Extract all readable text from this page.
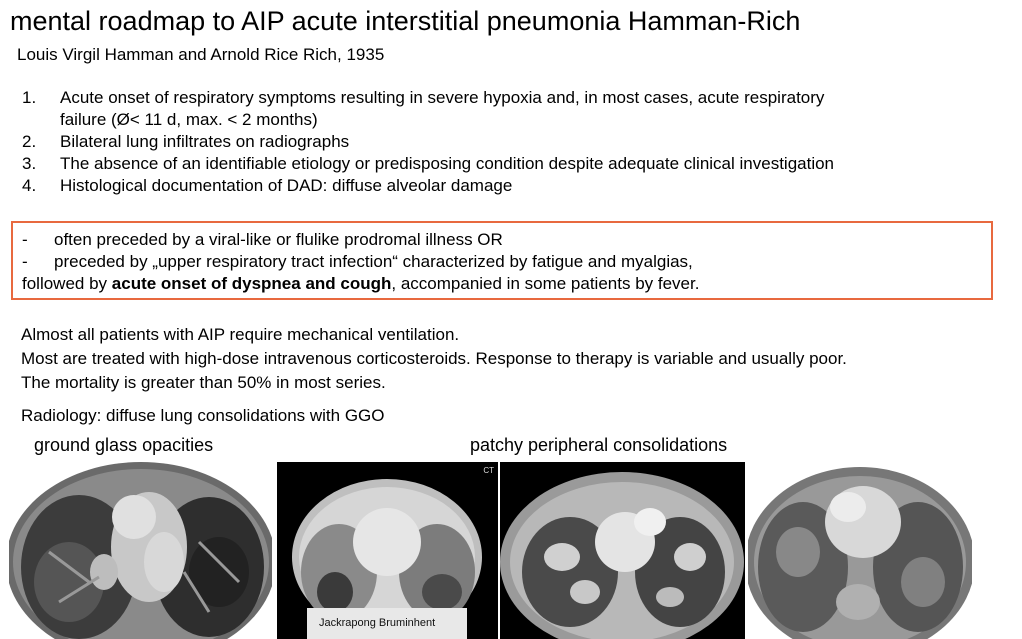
mental roadmap to AIP acute interstitial pneumonia Hamman-Rich
Louis Virgil Hamman and Arnold Rice Rich, 1935
1. Acute onset of respiratory symptoms resulting in severe hypoxia and, in most cases, acute respiratory
failure (Ø< 11 d, max. < 2 months)
2. Bilateral lung infiltrates on radiographs
3. The absence of an identifiable etiology or predisposing condition despite adequate clinical investigation
4. Histological documentation of DAD: diffuse alveolar damage
- often preceded by a viral-like or flulike prodromal illness OR
- preceded by „upper respiratory tract infection“ characterized by fatigue and myalgias,
followed by acute onset of dyspnea and cough, accompanied in some patients by fever.
Almost all patients with AIP require mechanical ventilation.
Most are treated with high-dose intravenous corticosteroids. Response to therapy is variable and usually poor.
The mortality is greater than 50% in most series.
Radiology: diffuse lung consolidations with GGO
ground glass opacities	patchy peripheral consolidations
Jackrapong Bruminhent
CT
